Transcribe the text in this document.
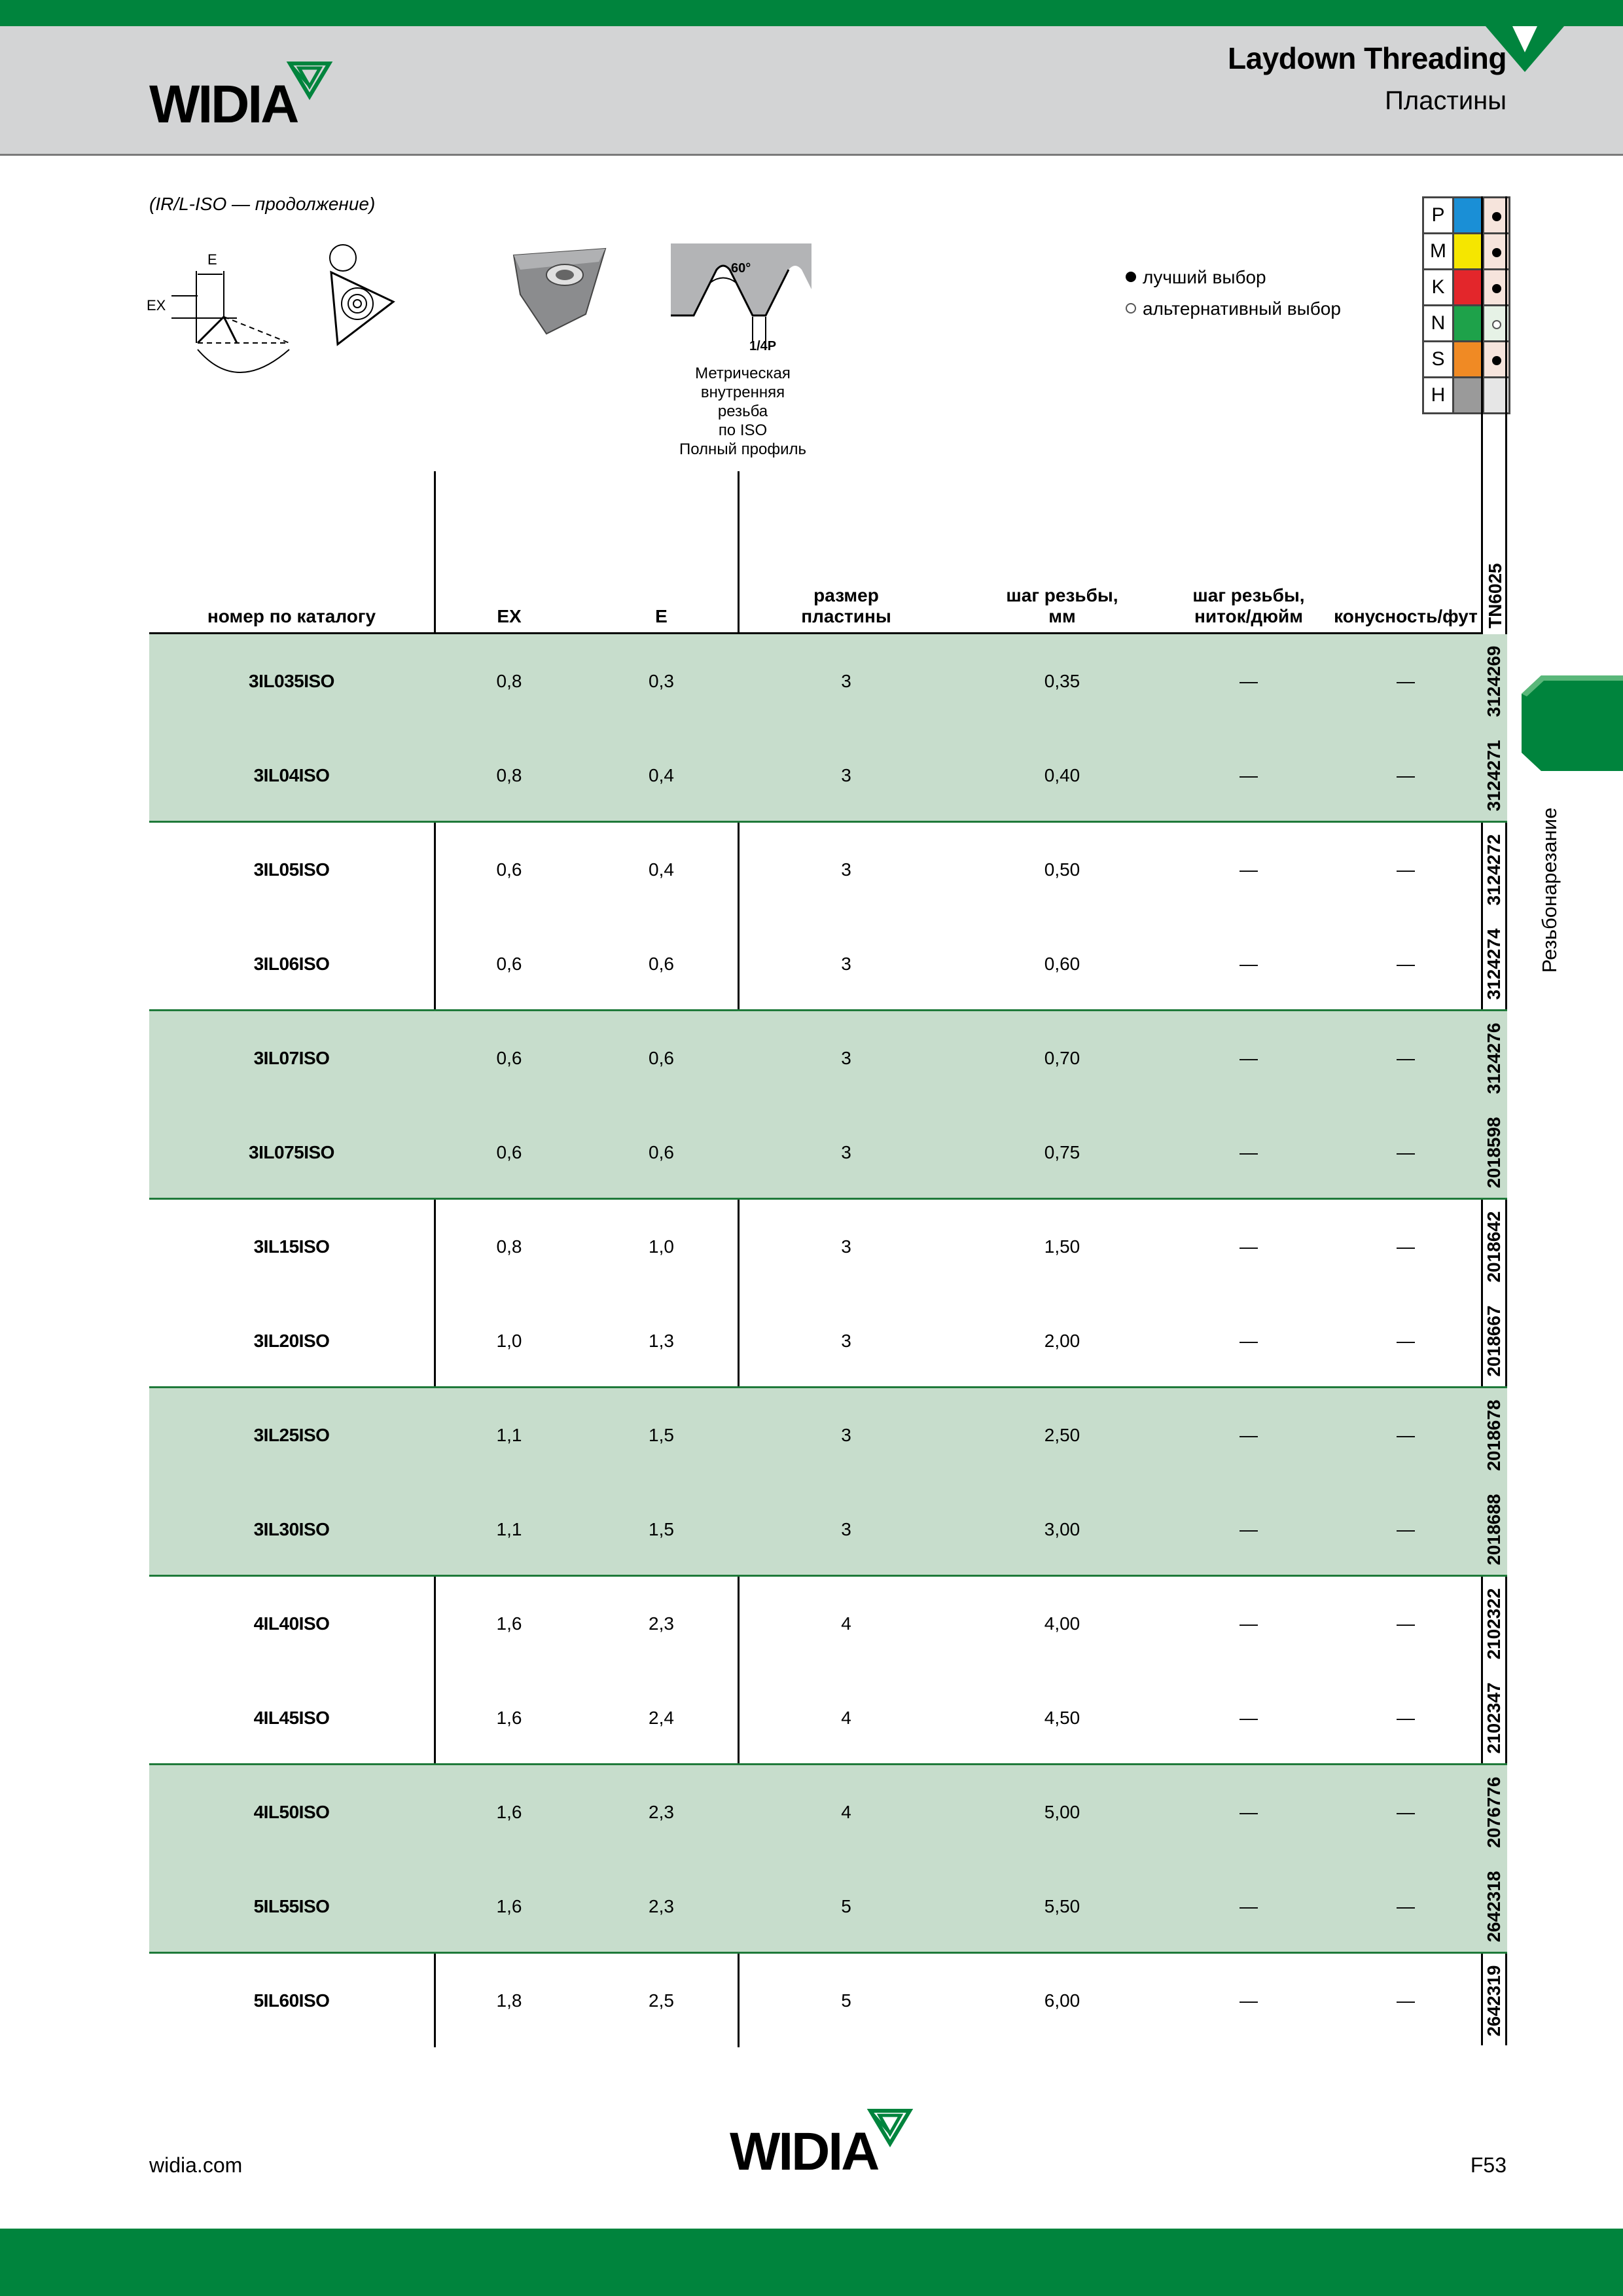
WIDIA
Laydown Threading
Пластины
(IR/L-ISO — продолжение)
E
EX
60°
1/4P
Метрическая
внутренняя
резьба
по ISO
Полный профиль
лучший выбор
альтернативный выбор
P		
M		
K		
N		
S		
H		
Резьбонарезание
номер по каталогу	EX	E
размер
пластины
шаг резьбы,
мм
шаг резьбы,
ниток/дюйм	конусность/фут TN6025
3IL035ISO	0,8	0,3	3	0,35	—	—	3124269
3IL04ISO	0,8	0,4	3	0,40	—	—	3124271
3IL05ISO	0,6	0,4	3	0,50	—	—	3124272
3IL06ISO	0,6	0,6	3	0,60	—	—	3124274
3IL07ISO	0,6	0,6	3	0,70	—	—	3124276
3IL075ISO	0,6	0,6	3	0,75	—	—	2018598
3IL15ISO	0,8	1,0	3	1,50	—	—	2018642
3IL20ISO	1,0	1,3	3	2,00	—	—	2018667
3IL25ISO	1,1	1,5	3	2,50	—	—	2018678
3IL30ISO	1,1	1,5	3	3,00	—	—	2018688
4IL40ISO	1,6	2,3	4	4,00	—	—	2102322
4IL45ISO	1,6	2,4	4	4,50	—	—	2102347
4IL50ISO	1,6	2,3	4	5,00	—	—	2076776
5IL55ISO	1,6	2,3	5	5,50	—	—	2642318
5IL60ISO	1,8	2,5	5	6,00	—	—	2642319
widia.com	WIDIA	F53
